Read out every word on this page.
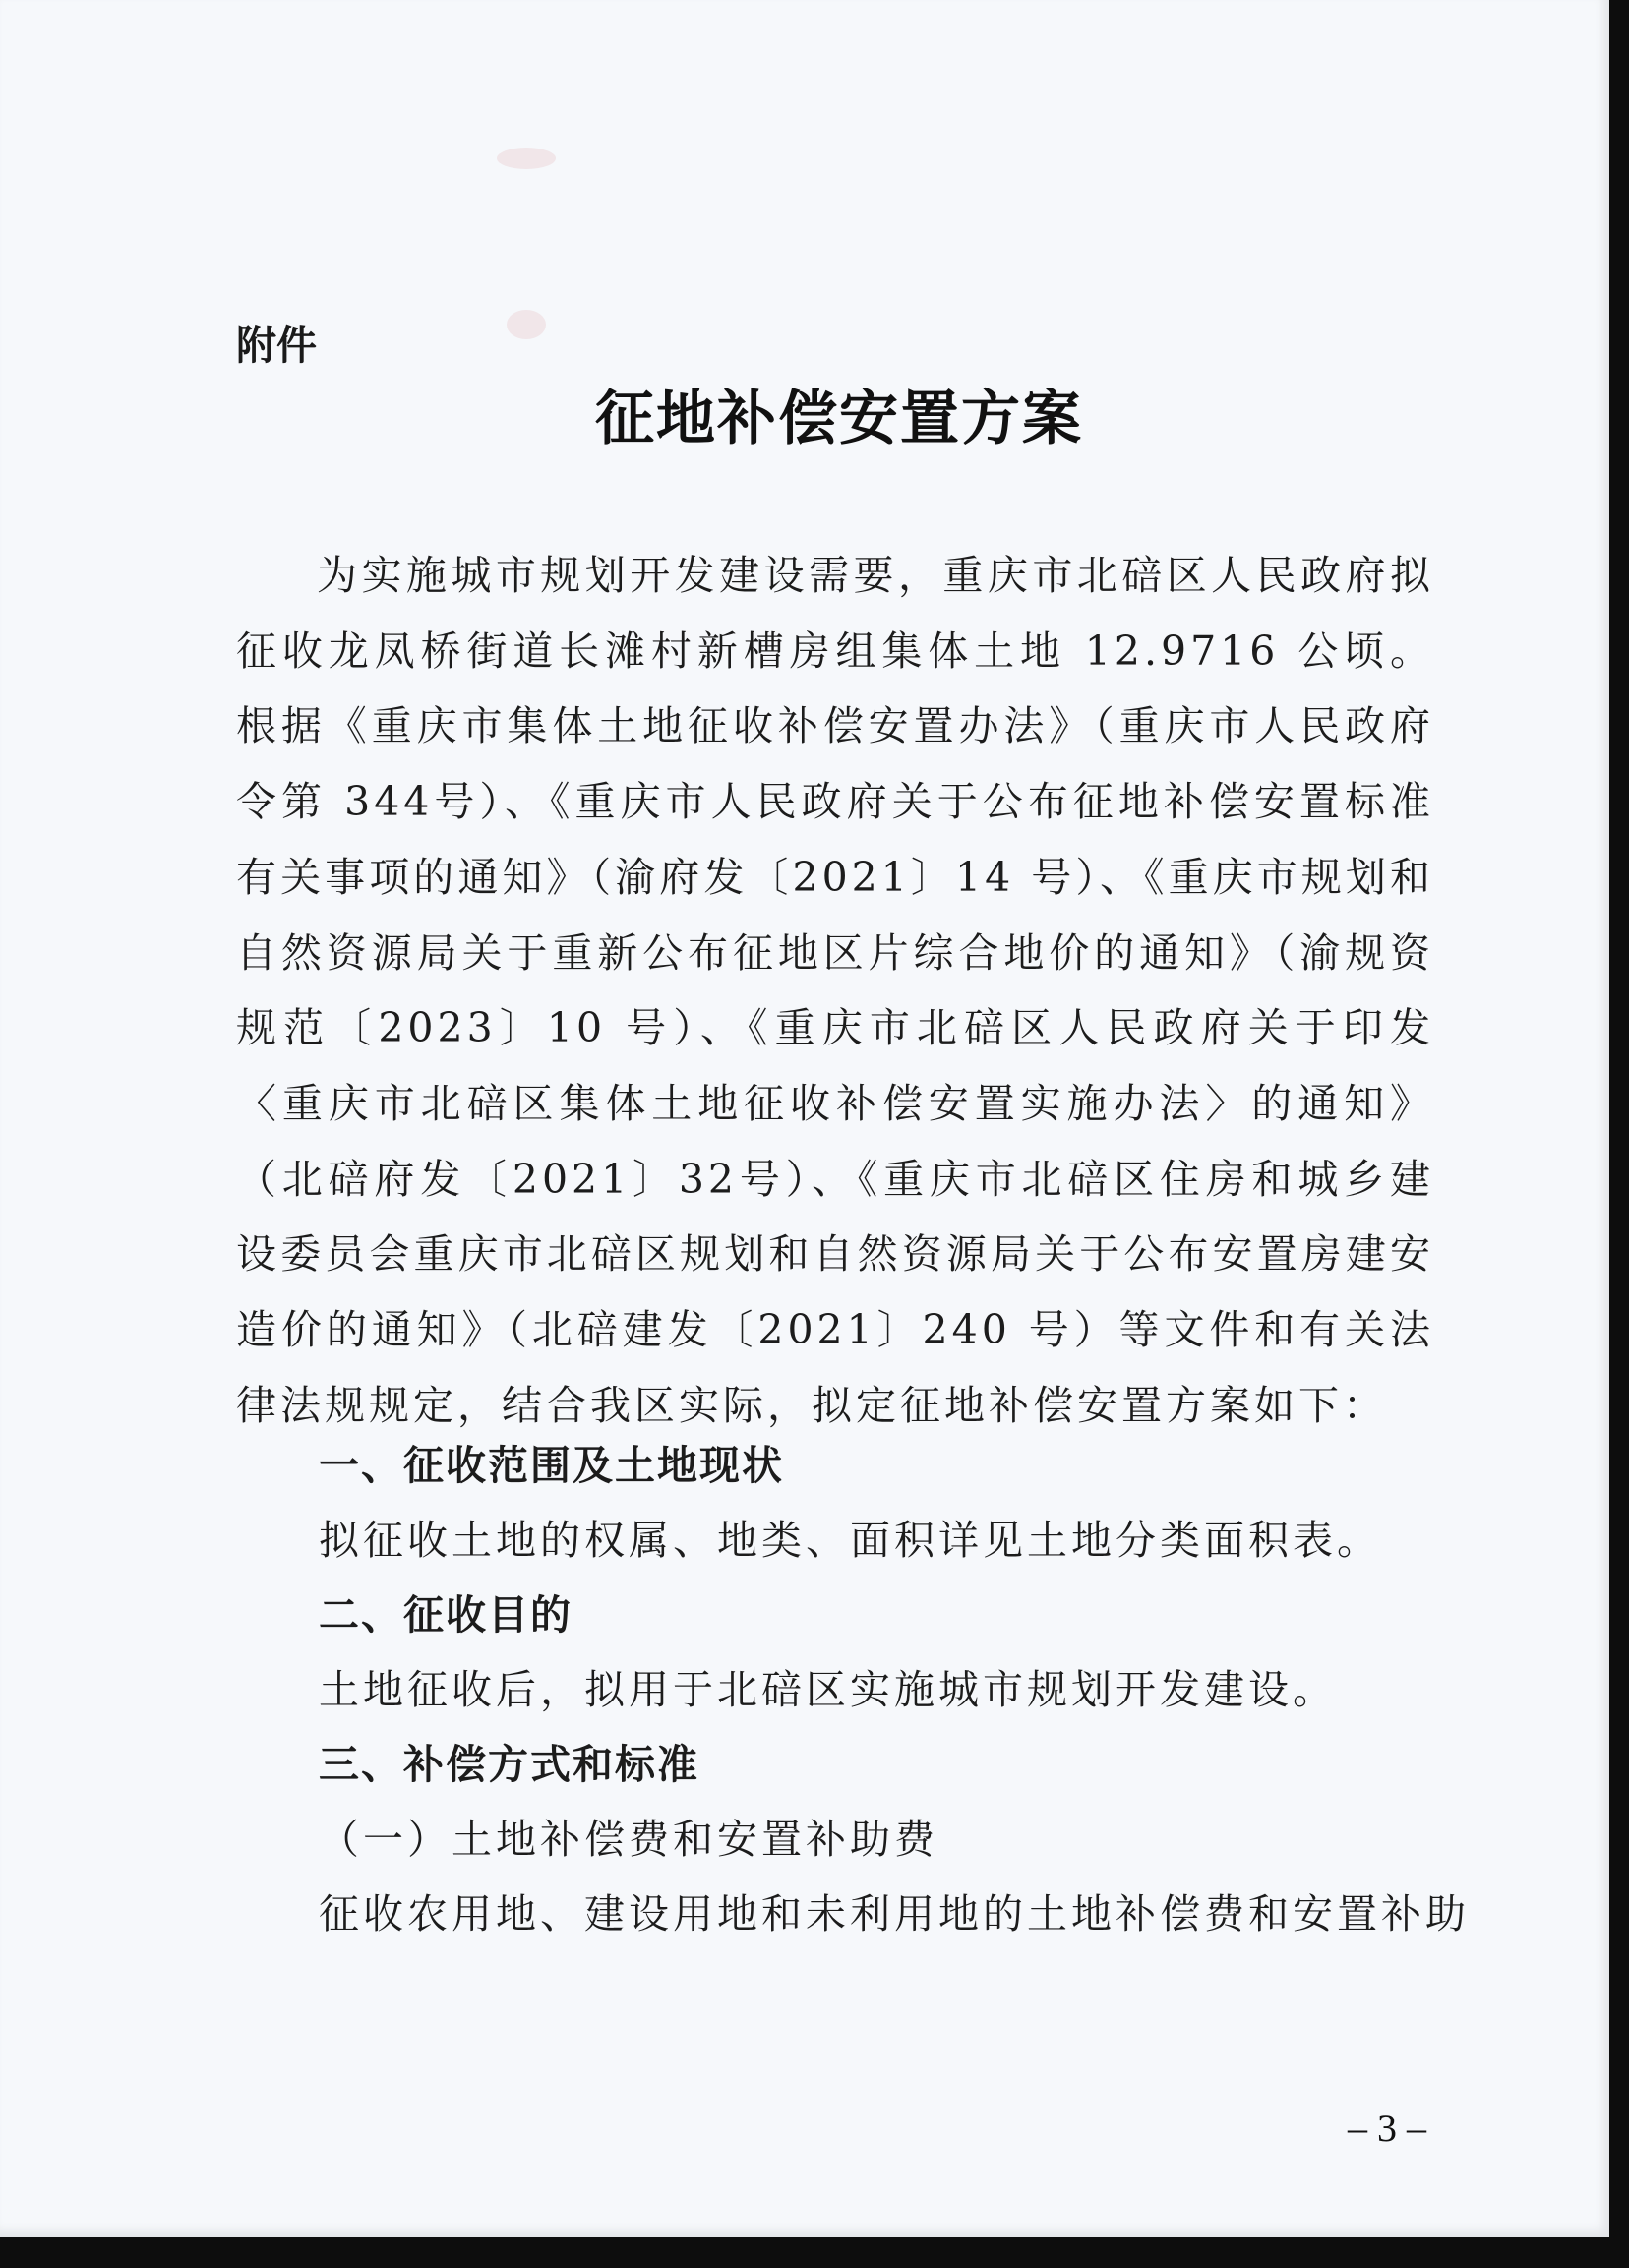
附件
征地补偿安置方案

为实施城市规划开发建设需要，重庆市北碚区人民政府拟征收龙凤桥街道长滩村新槽房组集体土地 12.9716 公顷。根据《重庆市集体土地征收补偿安置办法》（重庆市人民政府令第 344号）、《重庆市人民政府关于公布征地补偿安置标准有关事项的通知》（渝府发〔2021〕14 号）、《重庆市规划和自然资源局关于重新公布征地区片综合地价的通知》（渝规资规范〔2023〕10 号）、《重庆市北碚区人民政府关于印发〈重庆市北碚区集体土地征收补偿安置实施办法〉的通知》（北碚府发〔2021〕32号）、《重庆市北碚区住房和城乡建设委员会重庆市北碚区规划和自然资源局关于公布安置房建安造价的通知》（北碚建发〔2021〕240 号）等文件和有关法律法规规定，结合我区实际，拟定征地补偿安置方案如下：

一、征收范围及土地现状
拟征收土地的权属、地类、面积详见土地分类面积表。
二、征收目的
土地征收后，拟用于北碚区实施城市规划开发建设。
三、补偿方式和标准
（一）土地补偿费和安置补助费
征收农用地、建设用地和未利用地的土地补偿费和安置补助
– 3 –
